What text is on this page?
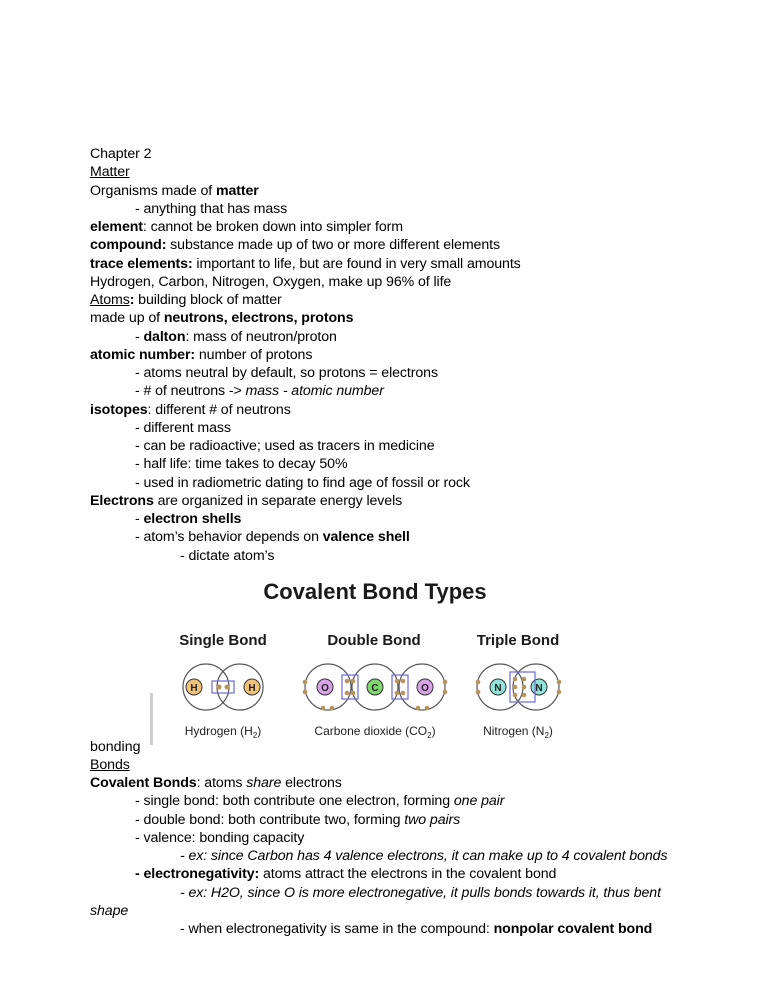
Chapter 2
Matter
Organisms made of matter
- anything that has mass
element: cannot be broken down into simpler form
compound: substance made up of two or more different elements
trace elements: important to life, but are found in very small amounts
Hydrogen, Carbon, Nitrogen, Oxygen, make up 96% of life
Atoms: building block of matter
made up of neutrons, electrons, protons
- dalton: mass of neutron/proton
atomic number: number of protons
- atoms neutral by default, so protons = electrons
- # of neutrons -> mass - atomic number
isotopes: different # of neutrons
- different mass
- can be radioactive; used as tracers in medicine
- half life: time takes to decay 50%
- used in radiometric dating to find age of fossil or rock
Electrons are organized in separate energy levels
- electron shells
- atom’s behavior depends on valence shell
- dictate atom’s
bonding
Covalent Bond Types
Single Bond	Double Bond	Triple Bond
H	H	O	C	O	N	N
Hydrogen $(H_2)$	Carbone dioxide $(CO_2)$	Nitrogen $(N_2)$
Bonds
Covalent Bonds: atoms share electrons
- single bond: both contribute one electron, forming one pair
- double bond: both contribute two, forming two pairs
- valence: bonding capacity
- ex: since Carbon has 4 valence electrons, it can make up to 4 covalent bonds
- electronegativity: atoms attract the electrons in the covalent bond
- ex: H2O, since O is more electronegative, it pulls bonds towards it, thus bent
shape
- when electronegativity is same in the compound: nonpolar covalent bond
